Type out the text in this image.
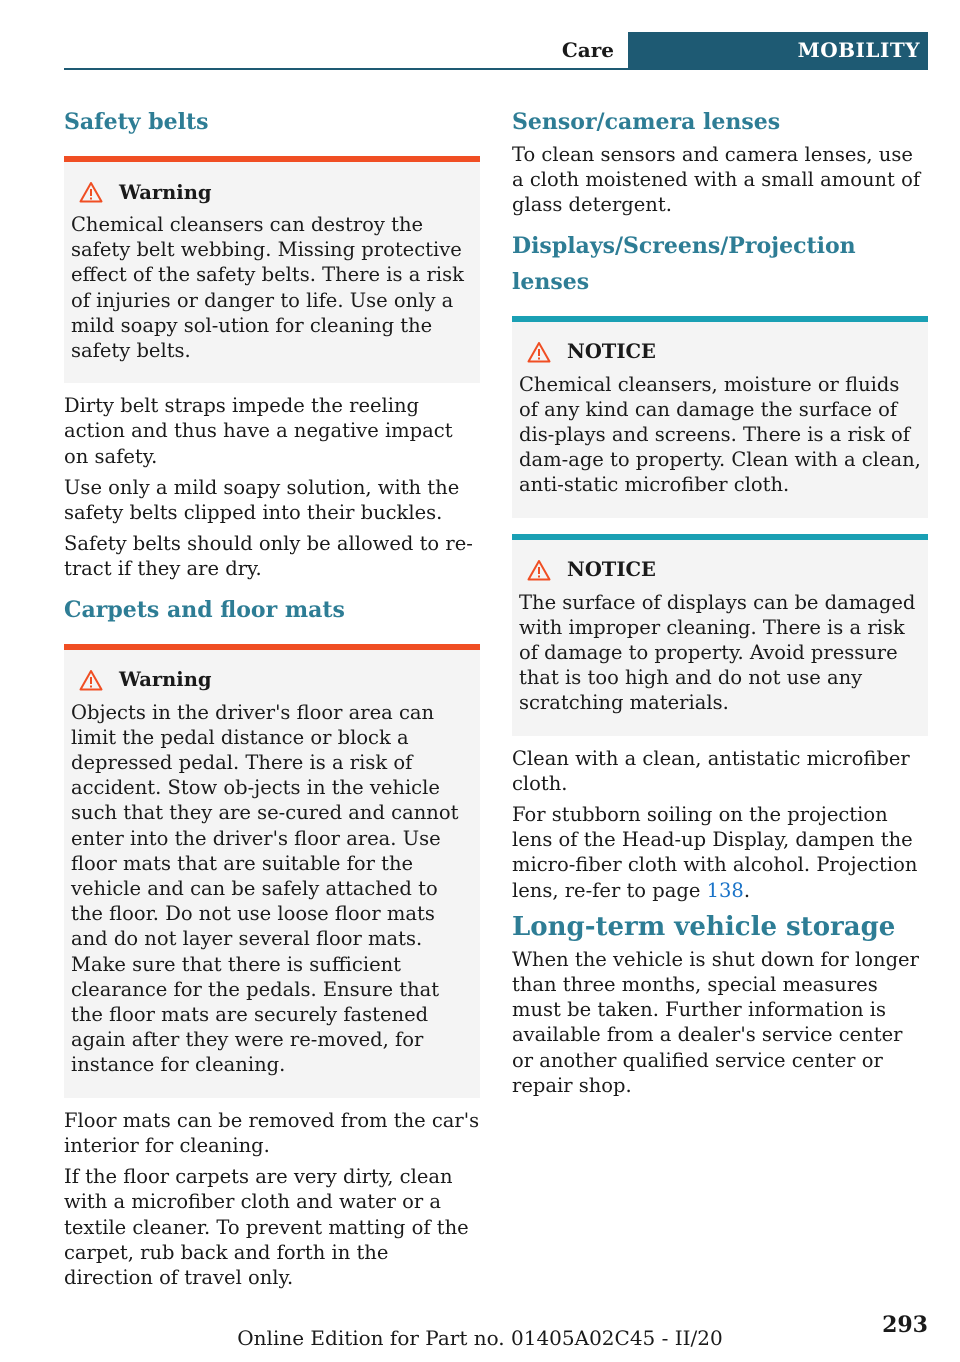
Care	MOBILITY
Safety belts
Warning

Chemical cleansers can destroy the safety belt webbing. Missing protective effect of the safety belts. There is a risk of injuries or danger to life. Use only a mild soapy sol-ution for cleaning the safety belts.

Dirty belt straps impede the reeling action and thus have a negative impact on safety.

Use only a mild soapy solution, with the safety belts clipped into their buckles.

Safety belts should only be allowed to re-tract if they are dry.

Carpets and floor mats
Warning

Objects in the driver's floor area can limit the pedal distance or block a depressed pedal. There is a risk of accident. Stow ob-jects in the vehicle such that they are se-cured and cannot enter into the driver's floor area. Use floor mats that are suitable for the vehicle and can be safely attached to the floor. Do not use loose floor mats and do not layer several floor mats. Make sure that there is sufficient clearance for the pedals. Ensure that the floor mats are securely fastened again after they were re-moved, for instance for cleaning.

Floor mats can be removed from the car's interior for cleaning.

If the floor carpets are very dirty, clean with a microfiber cloth and water or a textile cleaner. To prevent matting of the carpet, rub back and forth in the direction of travel only.

Sensor/camera lenses

To clean sensors and camera lenses, use a cloth moistened with a small amount of glass detergent.

Displays/Screens/Projection lenses
NOTICE

Chemical cleansers, moisture or fluids of any kind can damage the surface of dis-plays and screens. There is a risk of dam-age to property. Clean with a clean, anti-static microfiber cloth.

NOTICE

The surface of displays can be damaged with improper cleaning. There is a risk of damage to property. Avoid pressure that is too high and do not use any scratching materials.

Clean with a clean, antistatic microfiber cloth.

For stubborn soiling on the projection lens of the Head-up Display, dampen the micro-fiber cloth with alcohol. Projection lens, re-fer to page 138.

Long-term vehicle storage

When the vehicle is shut down for longer than three months, special measures must be taken. Further information is available from a dealer's service center or another qualified service center or repair shop.

293
Online Edition for Part no. 01405A02C45 - II/20
